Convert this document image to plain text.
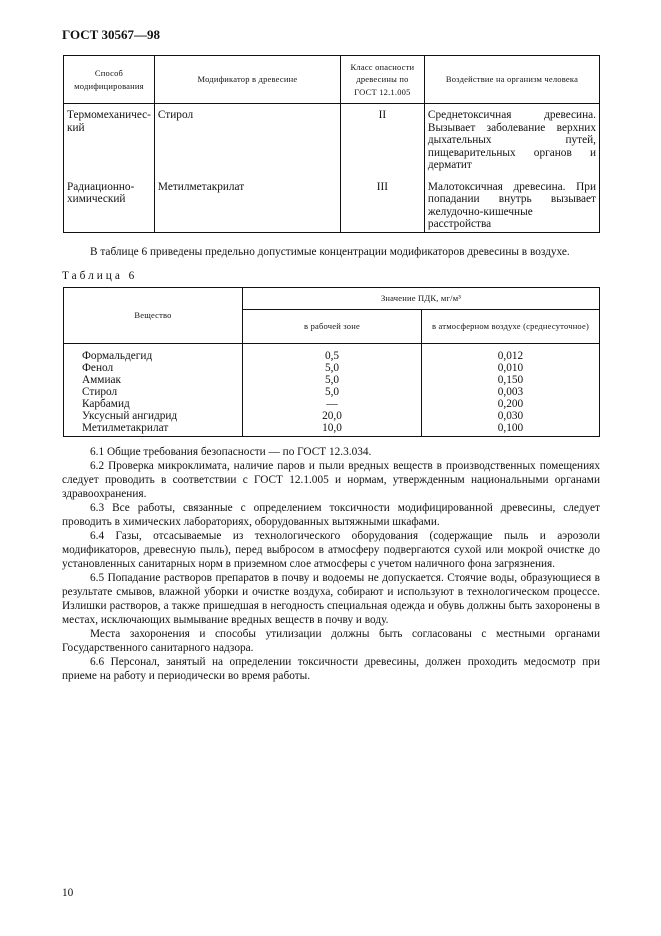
ГОСТ 30567—98
Способ модифицирования	Модификатор в древесине	Класс опасности древесины по ГОСТ 12.1.005	Воздействие на организм человека
Термомеханичес-кий	Стирол	II	Среднетоксичная древесина. Вызывает заболевание верхних дыхательных путей, пищеварительных органов и дерматит
Радиационно-химический	Метилметакрилат	III	Малотоксичная древесина. При попадании внутрь вызывает желудочно-кишечные расстройства
В таблице 6 приведены предельно допустимые концентрации модификаторов древесины в воздухе.
Таблица 6
Вещество	Значение ПДК, мг/м³	
	в рабочей зоне	в атмосферном воздухе (среднесуточное)
Формальдегид	0,5	0,012
Фенол	5,0	0,010
Аммиак	5,0	0,150
Стирол	5,0	0,003
Карбамид	—	0,200
Уксусный ангидрид	20,0	0,030
Метилметакрилат	10,0	0,100
6.1 Общие требования безопасности — по ГОСТ 12.3.034.
6.2 Проверка микроклимата, наличие паров и пыли вредных веществ в производственных помещениях следует проводить в соответствии с ГОСТ 12.1.005 и нормам, утвержденным национальными органами здравоохранения.
6.3 Все работы, связанные с определением токсичности модифицированной древесины, следует проводить в химических лабораториях, оборудованных вытяжными шкафами.
6.4 Газы, отсасываемые из технологического оборудования (содержащие пыль и аэрозоли модификаторов, древесную пыль), перед выбросом в атмосферу подвергаются сухой или мокрой очистке до установленных санитарных норм в приземном слое атмосферы с учетом наличного фона загрязнения.
6.5 Попадание растворов препаратов в почву и водоемы не допускается. Стоячие воды, образующиеся в результате смывов, влажной уборки и очистке воздуха, собирают и используют в технологическом процессе. Излишки растворов, а также пришедшая в негодность специальная одежда и обувь должны быть захоронены в местах, исключающих вымывание вредных веществ в почву и воду.
Места захоронения и способы утилизации должны быть согласованы с местными органами Государственного санитарного надзора.
6.6 Персонал, занятый на определении токсичности древесины, должен проходить медосмотр при приеме на работу и периодически во время работы.
10
